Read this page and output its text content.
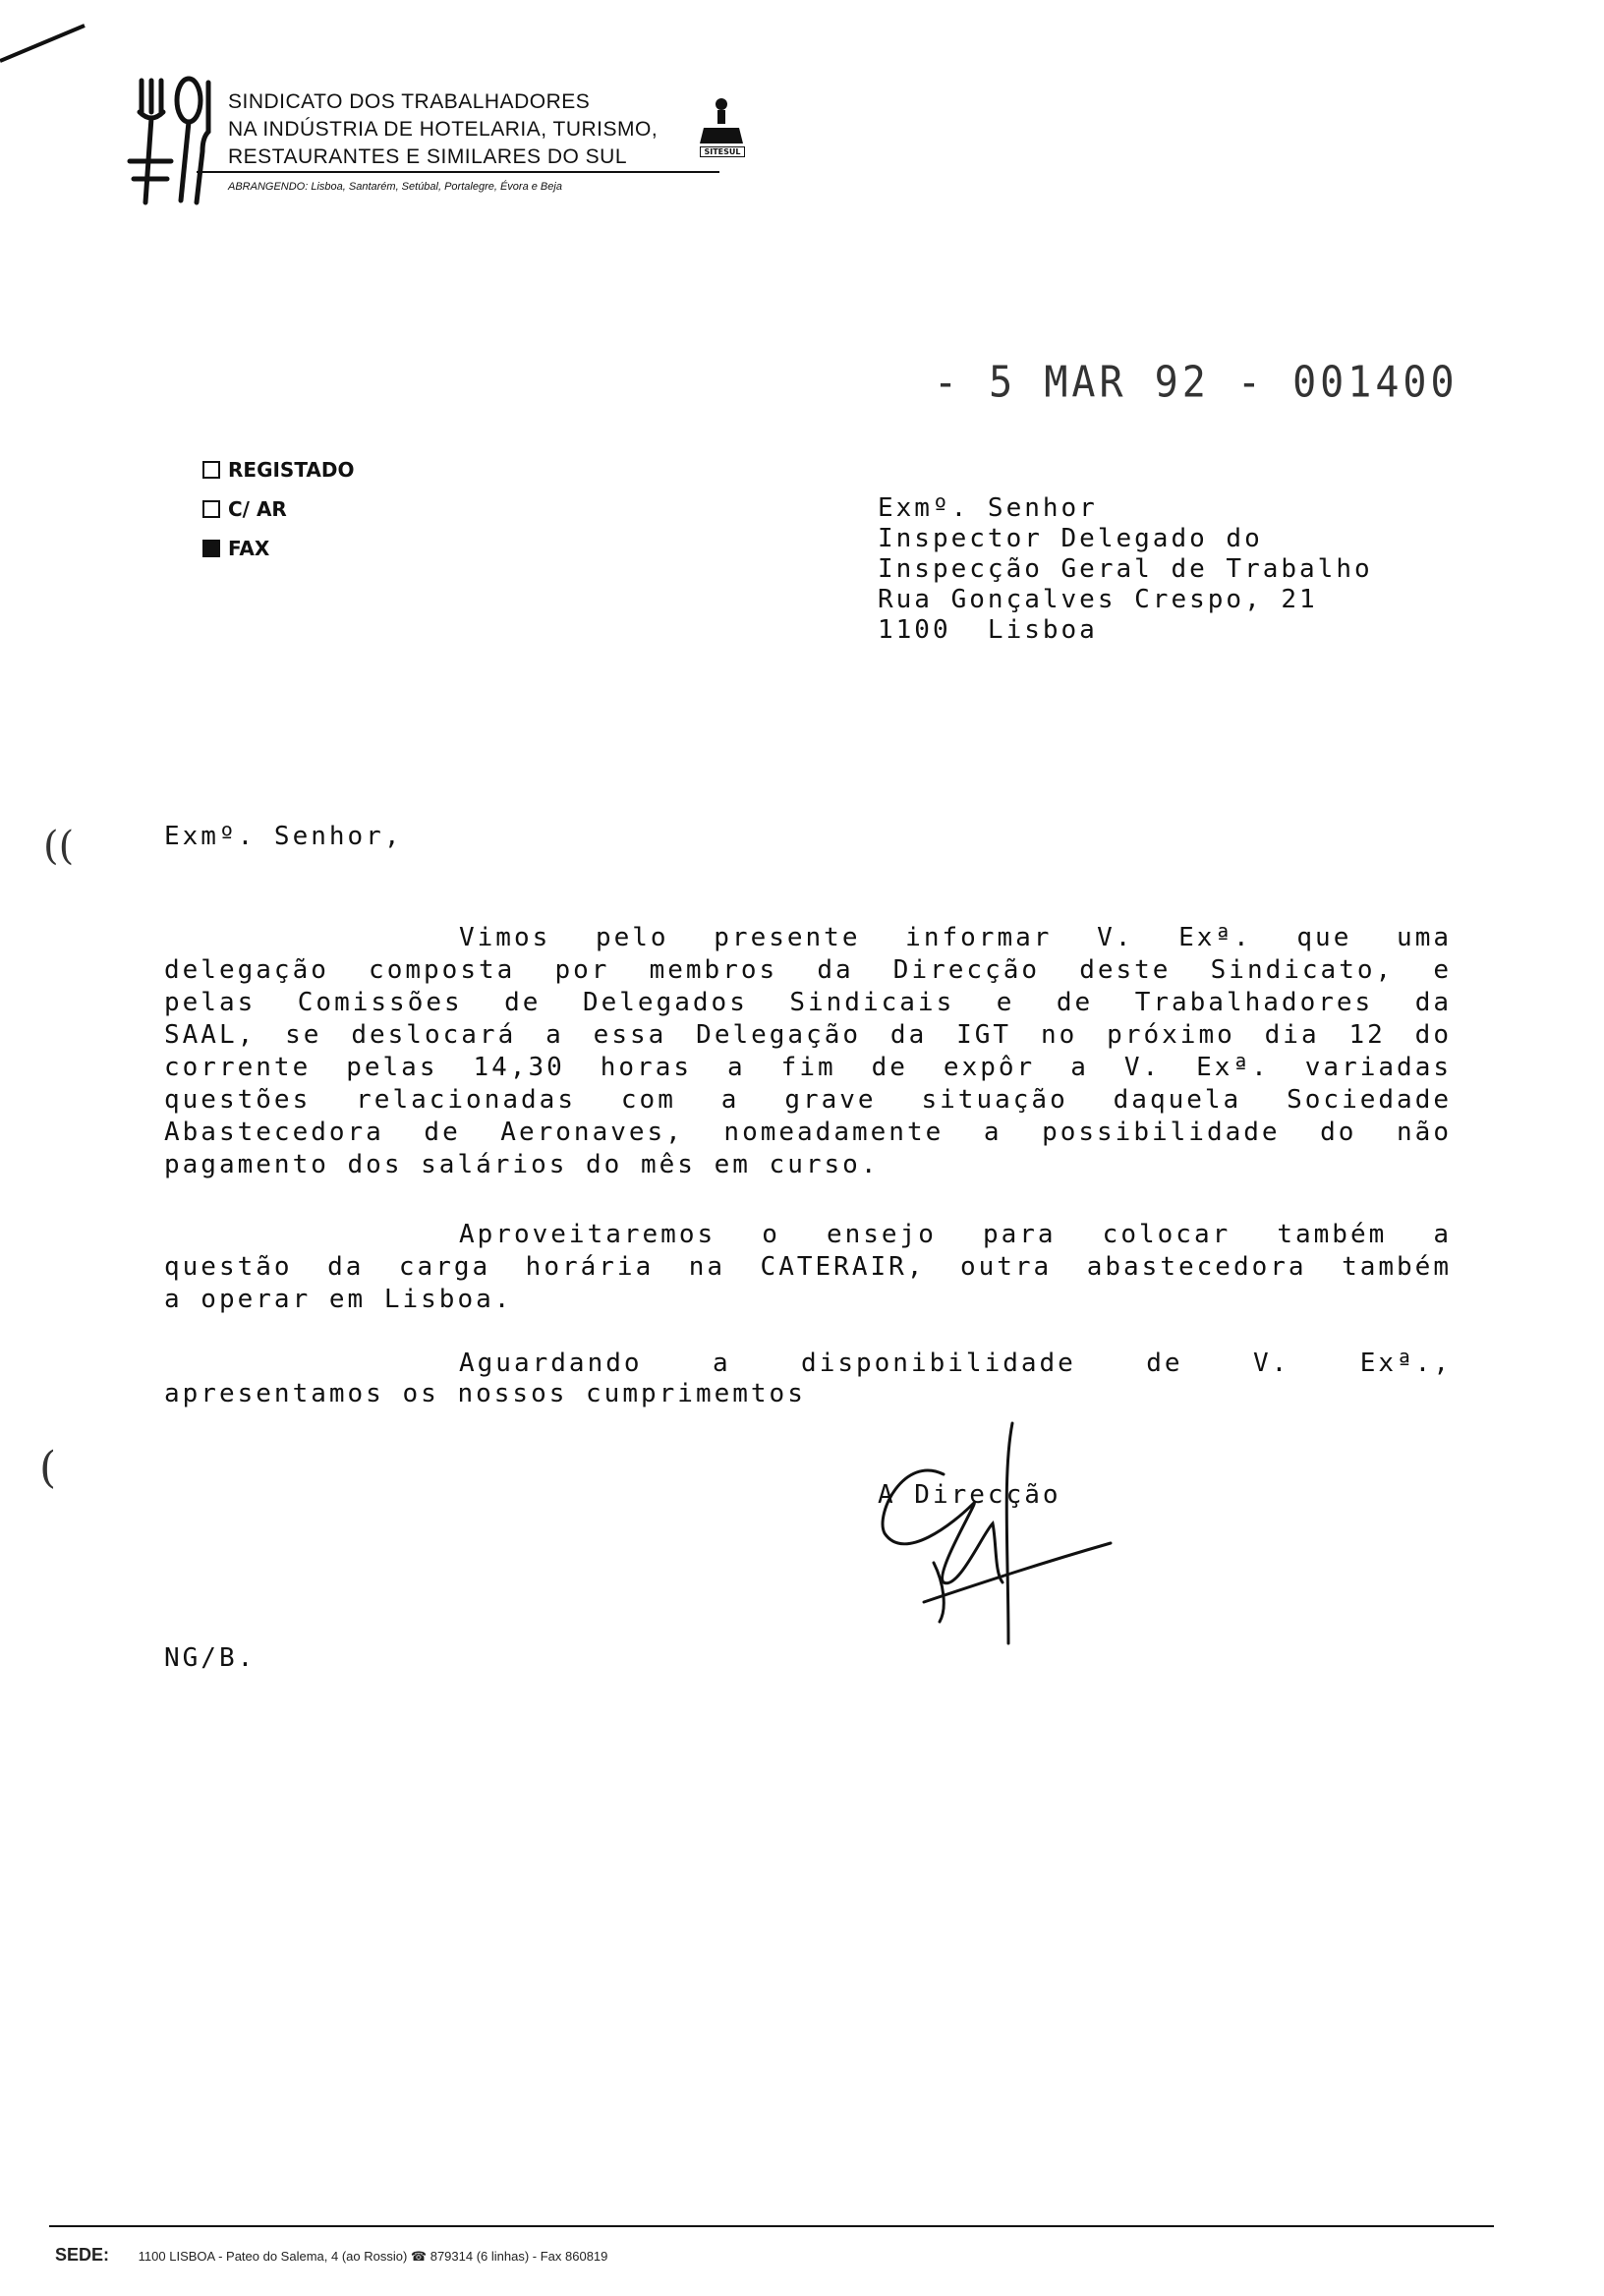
SINDICATO DOS TRABALHADORES
NA INDÚSTRIA DE HOTELARIA, TURISMO,
RESTAURANTES E SIMILARES DO SUL
ABRANGENDO: Lisboa, Santarém, Setúbal, Portalegre, Évora e Beja
SITESUL
- 5 MAR 92 - 001400
REGISTADO
C/ AR
FAX
Exmº. Senhor
Inspector Delegado do
Inspecção Geral de Trabalho
Rua Gonçalves Crespo, 21
1100  Lisboa
Exmº. Senhor,
Vimos pelo presente informar V. Exª. que uma
delegação composta por membros da Direcção deste Sindicato, e
pelas Comissões de Delegados Sindicais e de Trabalhadores da
SAAL, se deslocará a essa Delegação da IGT no próximo dia 12 do
corrente pelas 14,30 horas a fim de expôr a V. Exª. variadas
questões relacionadas com a grave situação daquela Sociedade
Abastecedora de Aeronaves, nomeadamente a possibilidade do não
pagamento dos salários do mês em curso.
Aproveitaremos o ensejo para colocar também a
questão da carga horária na CATERAIR, outra abastecedora também
a operar em Lisboa.
Aguardando a disponibilidade de V. Exª.,
apresentamos os nossos cumprimemtos
A Direcção
NG/B.
((
(
SEDE: 1100 LISBOA - Pateo do Salema, 4 (ao Rossio) ☎ 879314 (6 linhas) - Fax 860819
